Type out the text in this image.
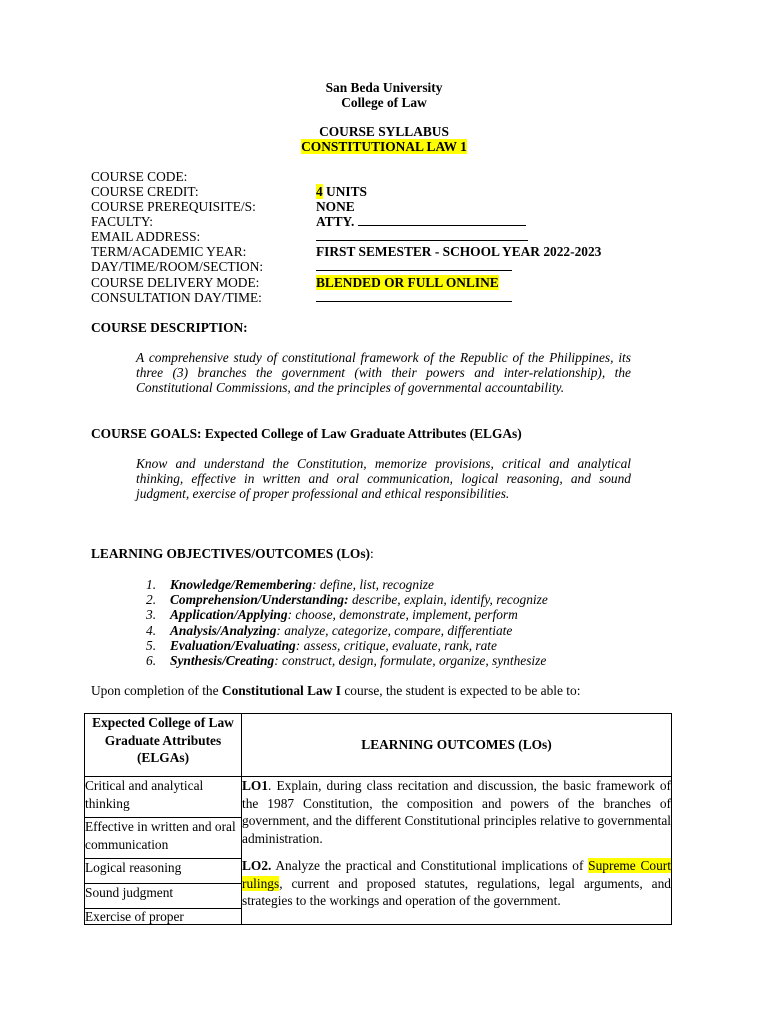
San Beda University
College of Law
COURSE SYLLABUS
CONSTITUTIONAL LAW 1
COURSE CODE:
COURSE CREDIT:	4 UNITS
COURSE PREREQUISITE/S:	NONE
FACULTY:	ATTY.
EMAIL ADDRESS:
TERM/ACADEMIC YEAR:	FIRST SEMESTER - SCHOOL YEAR 2022-2023
DAY/TIME/ROOM/SECTION:
COURSE DELIVERY MODE:	BLENDED OR FULL ONLINE
CONSULTATION DAY/TIME:
COURSE DESCRIPTION:
A comprehensive study of constitutional framework of the Republic of the Philippines, its three (3) branches the government (with their powers and inter-relationship), the Constitutional Commissions, and the principles of governmental accountability.
COURSE GOALS: Expected College of Law Graduate Attributes (ELGAs)
Know and understand the Constitution, memorize provisions, critical and analytical thinking, effective in written and oral communication, logical reasoning, and sound judgment, exercise of proper professional and ethical responsibilities.
LEARNING OBJECTIVES/OUTCOMES (LOs):
1. Knowledge/Remembering: define, list, recognize
2. Comprehension/Understanding: describe, explain, identify, recognize
3. Application/Applying: choose, demonstrate, implement, perform
4. Analysis/Analyzing: analyze, categorize, compare, differentiate
5. Evaluation/Evaluating: assess, critique, evaluate, rank, rate
6. Synthesis/Creating: construct, design, formulate, organize, synthesize
Upon completion of the Constitutional Law I course, the student is expected to be able to:
Expected College of Law Graduate Attributes (ELGAs)	LEARNING OUTCOMES (LOs)
Critical and analytical thinking	LO1. Explain, during class recitation and discussion, the basic framework of the 1987 Constitution, the composition and powers of the branches of government, and the different Constitutional principles relative to governmental administration.

LO2. Analyze the practical and Constitutional implications of Supreme Court rulings, current and proposed statutes, regulations, legal arguments, and strategies to the workings and operation of the government.

Effective in written and oral communication	
Logical reasoning	
Sound judgment	
Exercise of proper	
